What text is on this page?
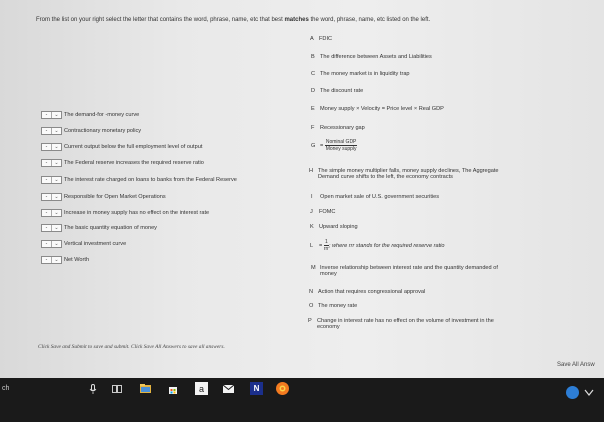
From the list on your right select the letter that contains the word, phrase, name, etc that best matches the word, phrase, name, etc listed on the left.
-	⌄ The demand-for -money curve
-	⌄ Contractionary monetary policy
-	⌄ Current output below the full employment level of output
-	⌄ The Federal reserve increases the required reserve ratio
-	⌄ The interest rate charged on loans to banks from the Federal Reserve
-	⌄ Responsible for Open Market Operations
-	⌄ Increase in money supply has no effect on the interest rate
-	⌄ The basic quantity equation of money
-	⌄ Vertical investment curve
-	⌄ Net Worth
A FDIC
B The difference between Assets and Liabilities
C The money market is in liquidity trap
D The discount rate
E Money supply × Velocity = Price level × Real GDP
F Recessionary gap
$G = \frac{\text{Nominal GDP}}{\text{Money supply}}$
H The simple money multiplier falls, money supply declines, The Aggregate
Demand curve shifts to the left, the economy contracts
I Open market sale of U.S. government securities
J FOMC
K Upward sloping
$L = \frac{1}{\text{rrr}}$ ; where rrr stands for the required reserve ratio
M Inverse relationship between interest rate and the quantity demanded of
money
N Action that requires congressional approval
O The money rate
P Change in interest rate has no effect on the volume of investment in the
economy
Click Save and Submit to save and submit. Click Save All Answers to save all answers.
Save All Answ
ch	a	N
